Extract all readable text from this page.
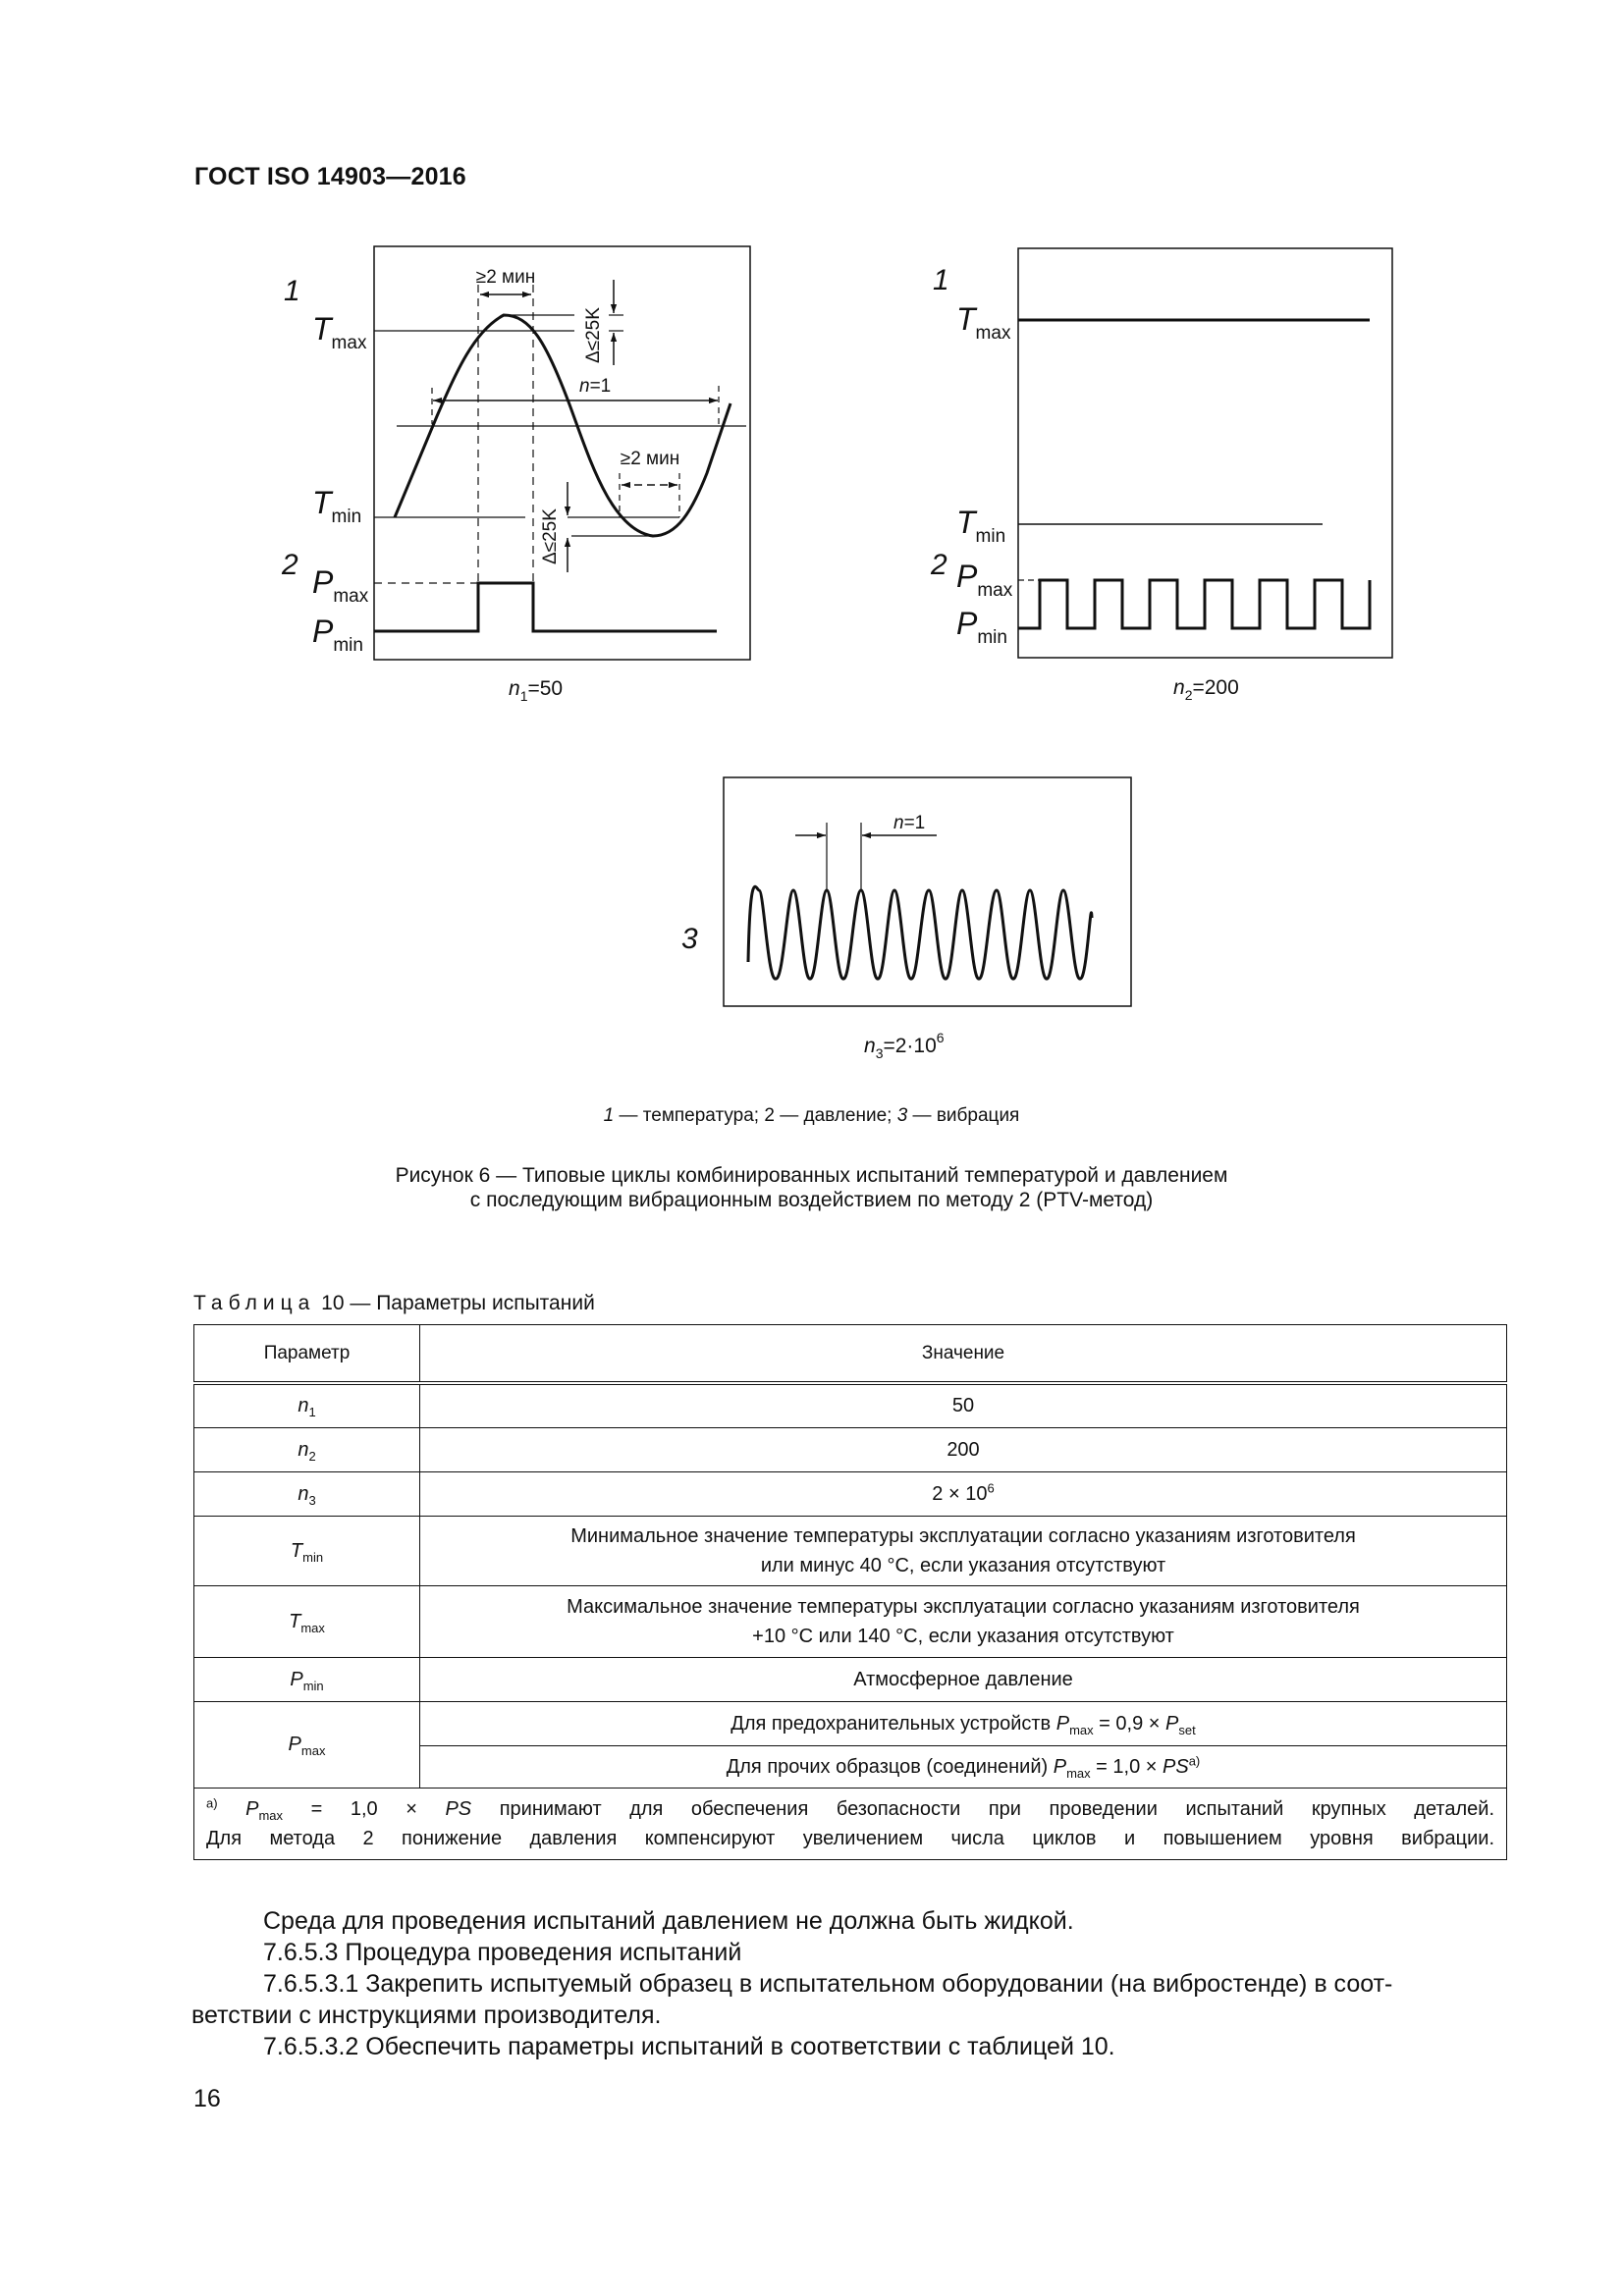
ГОСТ ISO 14903—2016
≥2 мин
Δ≤25K
n=1
≥2 мин
Δ≤25K
1
$T_{max}$
$T_{min}$
2 $P_{max}$
$P_{min}$
$n_1=50$
1
$T_{max}$
$T_{min}$
2 $P_{max}$
$P_{min}$
$n_2=200$
n=1
3
$n_3=2\cdot 10^6$
1 — температура; 2 — давление; 3 — вибрация
Рисунок 6 — Типовые циклы комбинированных испытаний температурой и давлением
с последующим вибрационным воздействием по методу 2 (PTV-метод)
Таблица 10 — Параметры испытаний
Параметр	Значение
$n_1$	50
$n_2$	200
$n_3$	$2 \times 10^6$
$T_{min}$	Минимальное значение температуры эксплуатации согласно указаниям изготовителя
или минус 40 °C, если указания отсутствуют

$T_{max}$	Максимальное значение температуры эксплуатации согласно указаниям изготовителя
+10 °C или 140 °C, если указания отсутствуют

$P_{min}$	Атмосферное давление
$P_{max}$	Для предохранительных устройств $P_{max} = 0,9 \times P_{set}$
	Для прочих образцов (соединений) $P_{max} = 1,0 \times PS^{a)}$

$^{a)}$ $P_{max} = 1,0$ × PS принимают для обеспечения безопасности при проведении испытаний крупных деталей.
Для метода 2 понижение давления компенсируют увеличением числа циклов и повышением уровня вибрации.	
Среда для проведения испытаний давлением не должна быть жидкой.
7.6.5.3 Процедура проведения испытаний
7.6.5.3.1 Закрепить испытуемый образец в испытательном оборудовании (на вибростенде) в соот-
ветствии с инструкциями производителя.
7.6.5.3.2 Обеспечить параметры испытаний в соответствии с таблицей 10.
16
